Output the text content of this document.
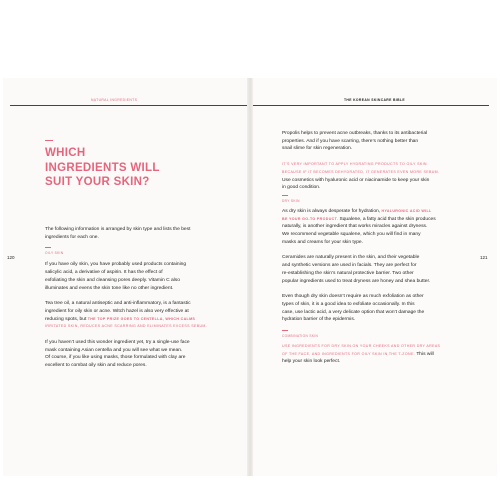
NATURAL INGREDIENTS	THE KOREAN SKINCARE BIBLE
120	121
WHICH
INGREDIENTS WILL
SUIT YOUR SKIN?

The following information is arranged by skin type and lists the best

ingredients for each one.

OILY SKIN

If you have oily skin, you have probably used products containing

salicylic acid, a derivative of aspirin. It has the effect of

exfoliating the skin and cleansing pores deeply. Vitamin C also

illuminates and evens the skin tone like no other ingredient.

Tea tree oil, a natural antiseptic and anti-inflammatory, is a fantastic

ingredient for oily skin or acne. Witch hazel is also very effective at

reducing spots, but THE TOP PRIZE GOES TO CENTELLA, WHICH CALMS

IRRITATED SKIN, REDUCES ACNE SCARRING AND ELIMINATES EXCESS SEBUM.

If you haven’t used this wonder ingredient yet, try a single-use face

mask containing Asian centella and you will see what we mean.

Of course, if you like using masks, those formulated with clay are

excellent to combat oily skin and reduce pores.

Propolis helps to prevent acne outbreaks, thanks to its antibacterial

properties. And if you have scarring, there’s nothing better than

snail slime for skin regeneration.

IT’S VERY IMPORTANT TO APPLY HYDRATING PRODUCTS TO OILY SKIN

BECAUSE IF IT BECOMES DEHYDRATED, IT GENERATES EVEN MORE SEBUM.

Use cosmetics with hyaluronic acid or niacinamide to keep your skin

in good condition.

DRY SKIN

As dry skin is always desperate for hydration, HYALURONIC ACID WILL

BE YOUR GO-TO PRODUCT. Squalene, a fatty acid that the skin produces

naturally, is another ingredient that works miracles against dryness.

We recommend vegetable squalene, which you will find in many

masks and creams for your skin type.

Ceramides are naturally present in the skin, and their vegetable

and synthetic versions are used in facials. They are perfect for

re-establishing the skin’s natural protective barrier. Two other

popular ingredients used to treat dryness are honey and shea butter.

Even though dry skin doesn’t require as much exfoliation as other

types of skin, it is a good idea to exfoliate occasionally. In this

case, use lactic acid, a very delicate option that won’t damage the

hydration barrier of the epidermis.

COMBINATION SKIN

USE INGREDIENTS FOR DRY SKIN ON YOUR CHEEKS AND OTHER DRY AREAS

OF THE FACE, AND INGREDIENTS FOR OILY SKIN IN THE T-ZONE. This will

help your skin look perfect.
